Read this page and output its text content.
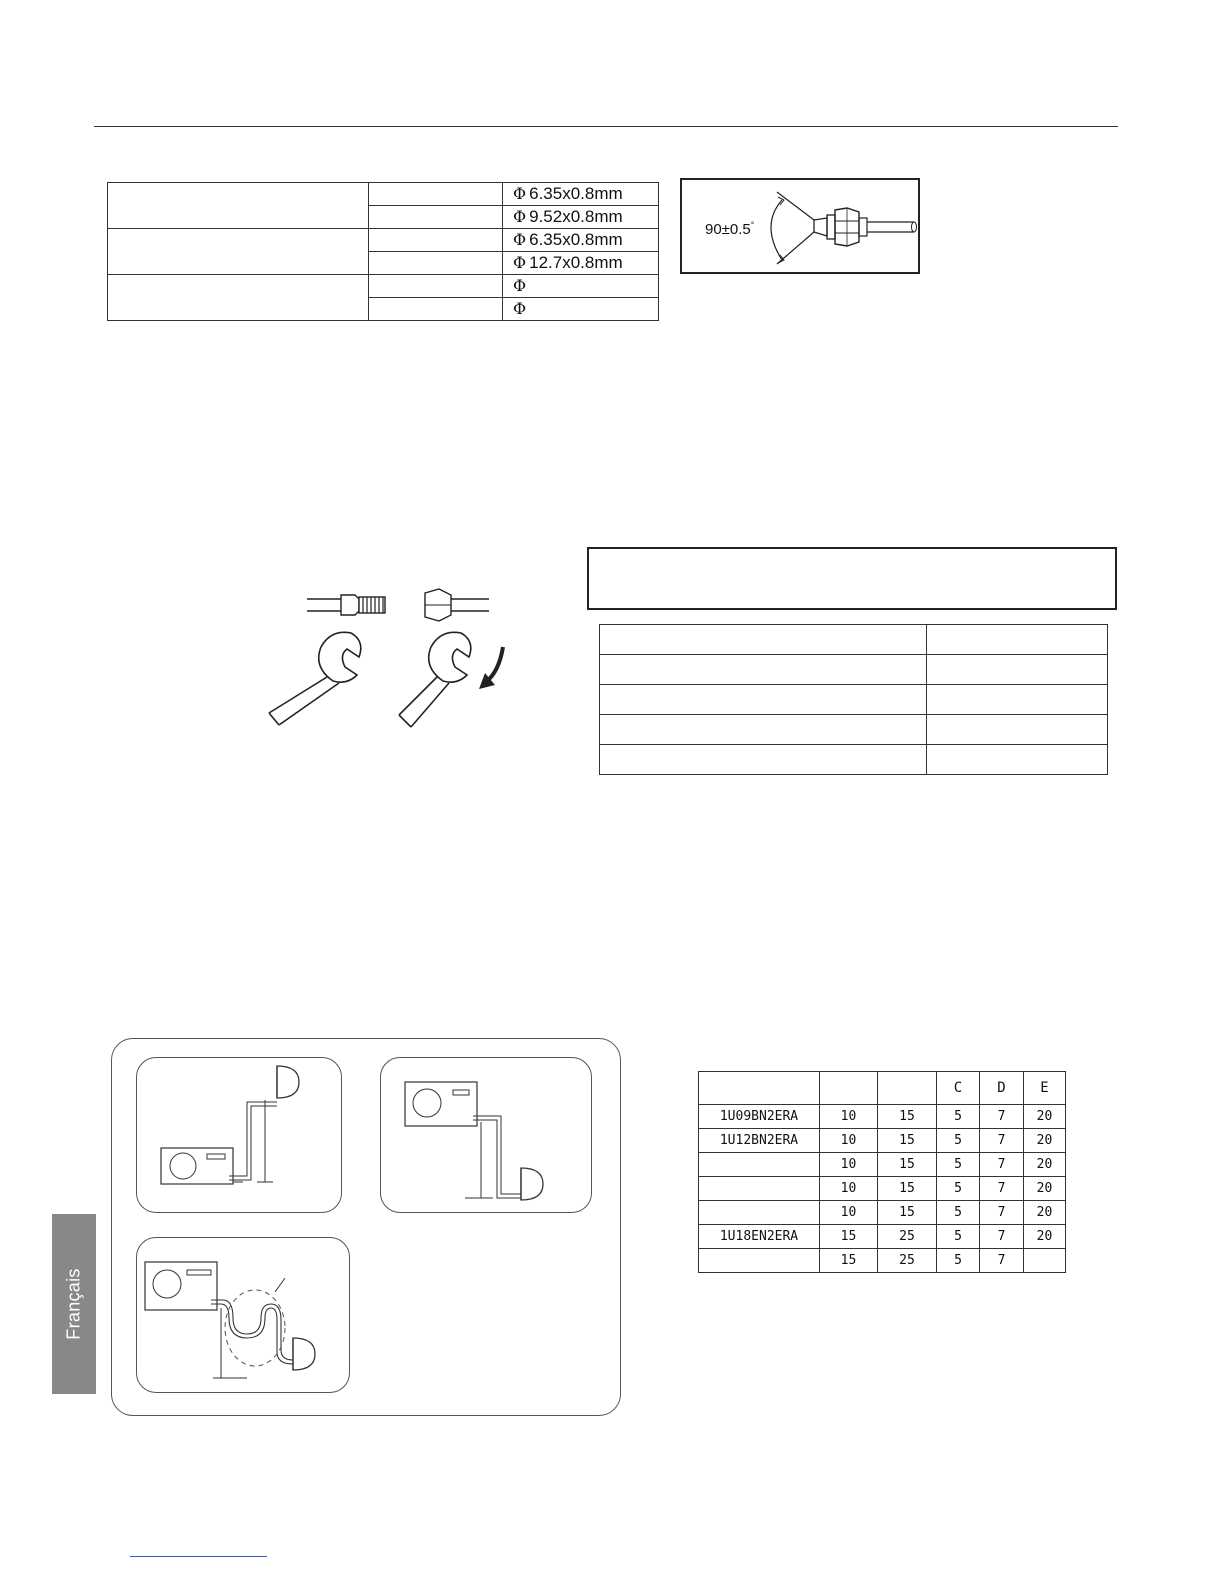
		Φ 6.35x0.8mm
		Φ 9.52x0.8mm
		Φ 6.35x0.8mm
		Φ 12.7x0.8mm
		Φ
		Φ
90±0.5°

			C	D	E
1U09BN2ERA	10	15	5	7	20
1U12BN2ERA	10	15	5	7	20
	10	15	5	7	20
	10	15	5	7	20
	10	15	5	7	20
1U18EN2ERA	15	25	5	7	20
	15	25	5	7	
Français
